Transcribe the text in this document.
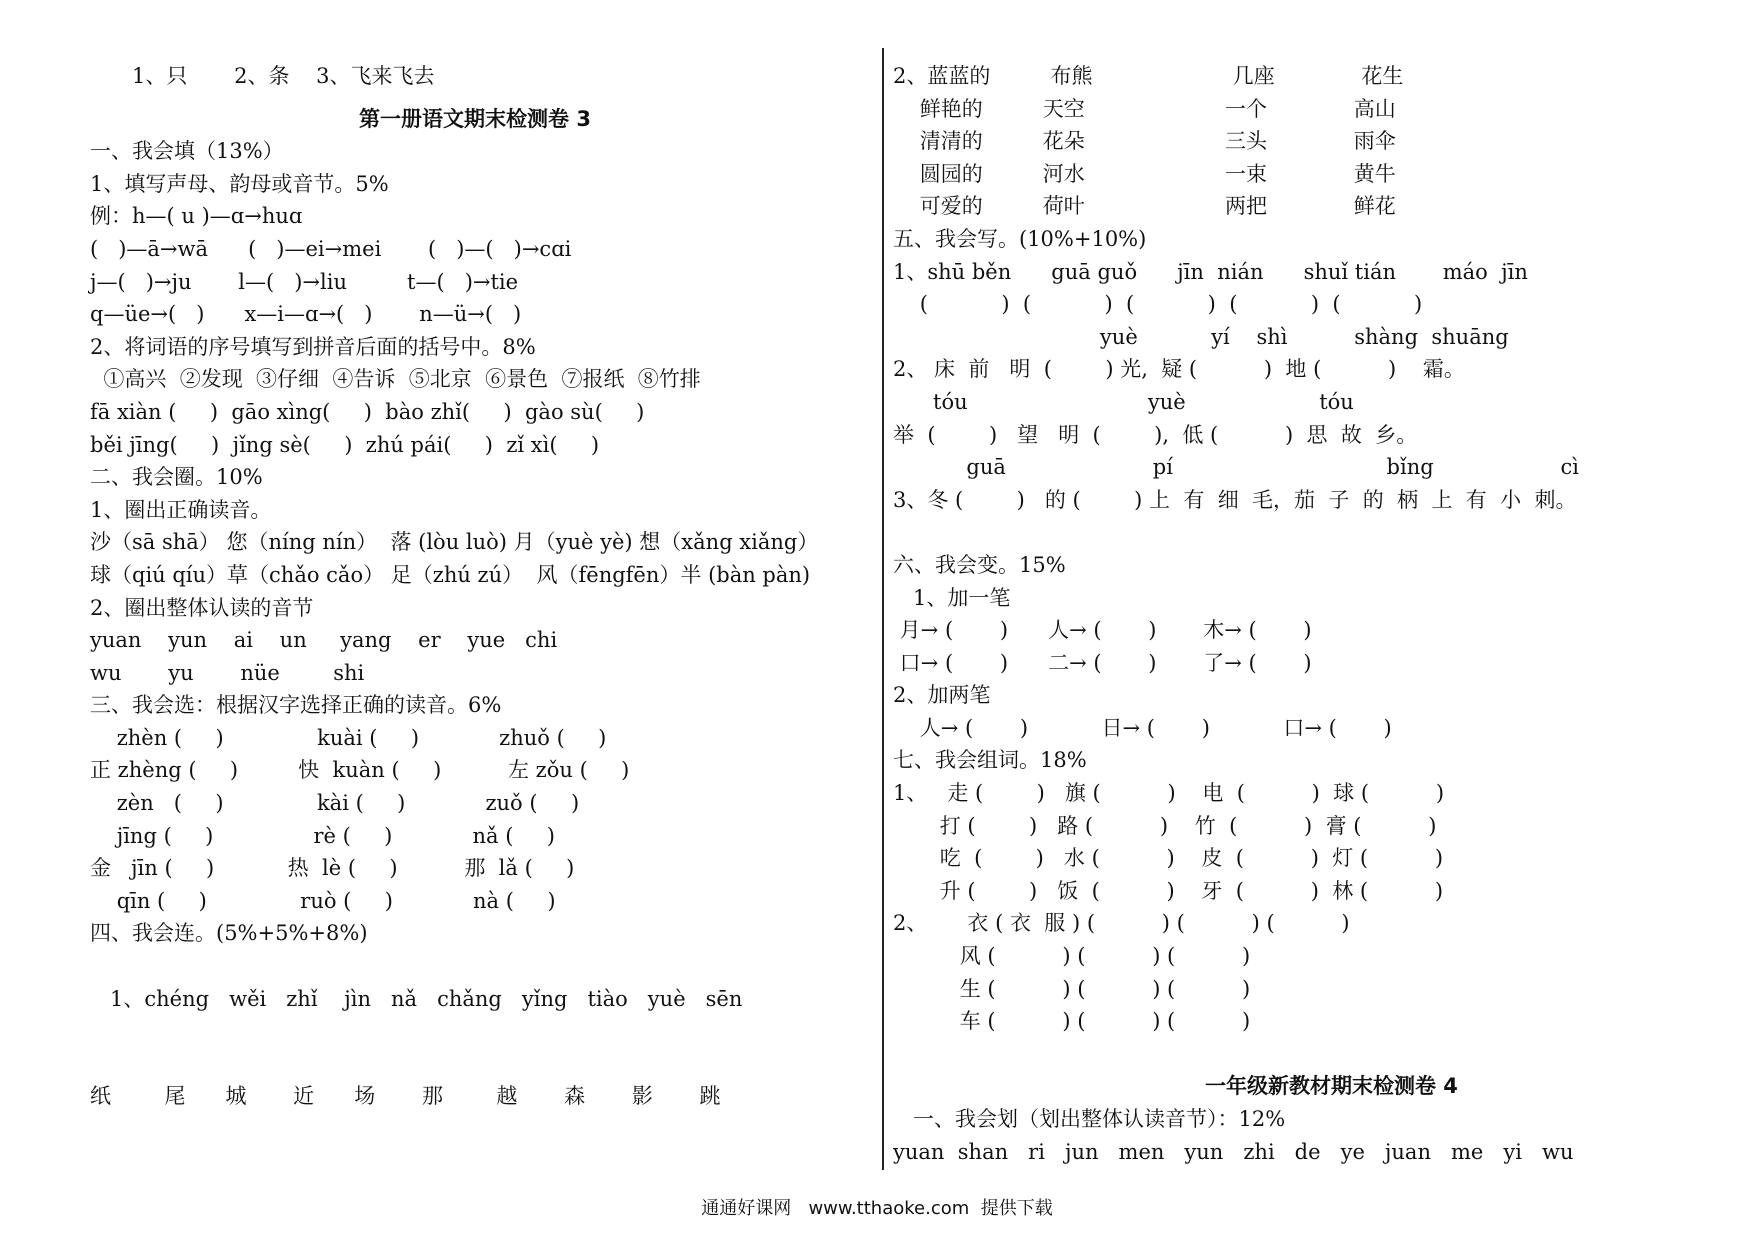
1、只       2、条    3、飞来飞去
第一册语文期末检测卷 3
一、我会填（13%）
1、填写声母、韵母或音节。5%
例：h—( u )—ɑ→huɑ
(   )—ā→wā      (   )—ei→mei       (   )—(   )→cɑi
j—(   )→ju       l—(   )→liu         t—(   )→tie
q—üe→(   )      x—i—ɑ→(   )       n—ü→(   )
2、将词语的序号填写到拼音后面的括号中。8%
①高兴  ②发现  ③仔细  ④告诉  ⑤北京  ⑥景色  ⑦报纸  ⑧竹排
fā xiàn (     )  gāo xìng(     )  bào zhǐ(     )  gào sù(     )
běi jīng(     )  jǐng sè(     )  zhú pái(     )  zǐ xì(     )
二、我会圈。10%
1、圈出正确读音。
沙（sā shā） 您（níng nín）  落 (lòu luò) 月（yuè yè) 想（xǎng xiǎng）
球（qiú qíu）草（chǎo cǎo） 足（zhú zú）  风（fēngfēn）半 (bàn pàn)
2、圈出整体认读的音节
yuan    yun    ai    un     yang    er    yue   chi
wu       yu       nüe        shi
三、我会选：根据汉字选择正确的读音。6%
zhèn (     )              kuài (     )            zhuǒ (     )
正 zhèng (     )         快  kuàn (     )          左 zǒu (     )
zèn   (     )              kài (     )            zuǒ (     )
jīng (     )               rè (     )            nǎ (     )
金   jīn (     )           热  lè (     )          那  lǎ (     )
qīn (     )              ruò (     )            nà (     )
四、我会连。(5%+5%+8%)
1、chéng   wěi   zhǐ    jìn   nǎ   chǎng   yǐng   tiào   yuè   sēn
纸        尾      城       近      场       那        越       森       影       跳
2、蓝蓝的         布熊                     几座             花生
鲜艳的         天空                     一个             高山
清清的         花朵                     三头             雨伞
圆园的         河水                     一束             黄牛
可爱的         荷叶                     两把             鲜花
五、我会写。(10%+10%)
1、shū běn      guā guǒ      jīn  nián      shuǐ tián       máo  jīn
(           )  (           )  (           )  (           )  (           )
yuè           yí    shì          shàng  shuāng
2、 床  前   明  (        ) 光,  疑 (          )  地 (          )    霜。
tóu                           yuè                    tóu
举  (        )   望   明  (        ),  低 (          )  思  故  乡。
guā                      pí                                bǐng                   cì
3、冬 (        )   的 (        ) 上  有  细  毛，茄  子  的  柄  上  有  小  刺。
六、我会变。15%
1、加一笔
月→ (       )      人→ (       )       木→ (       )
口→ (       )      二→ (       )       了→ (       )
2、加两笔
人→ (       )           日→ (       )           口→ (       )
七、我会组词。18%
1、   走 (        )   旗 (          )    电  (          )  球 (          )
打 (        )   路 (          )    竹  (          )  膏 (          )
吃  (        )   水 (          )    皮  (          )  灯 (          )
升 (        )   饭  (          )    牙  (          )  林 (          )
2、      衣 ( 衣  服 ) (          ) (          ) (          )
风 (          ) (          ) (          )
生 (          ) (          ) (          )
车 (          ) (          ) (          )
一年级新教材期末检测卷 4
一、我会划（划出整体认读音节）：12%
yuan  shan   ri   jun   men   yun   zhi   de   ye   juan   me   yi   wu
通通好课网   www.tthaoke.com  提供下载
